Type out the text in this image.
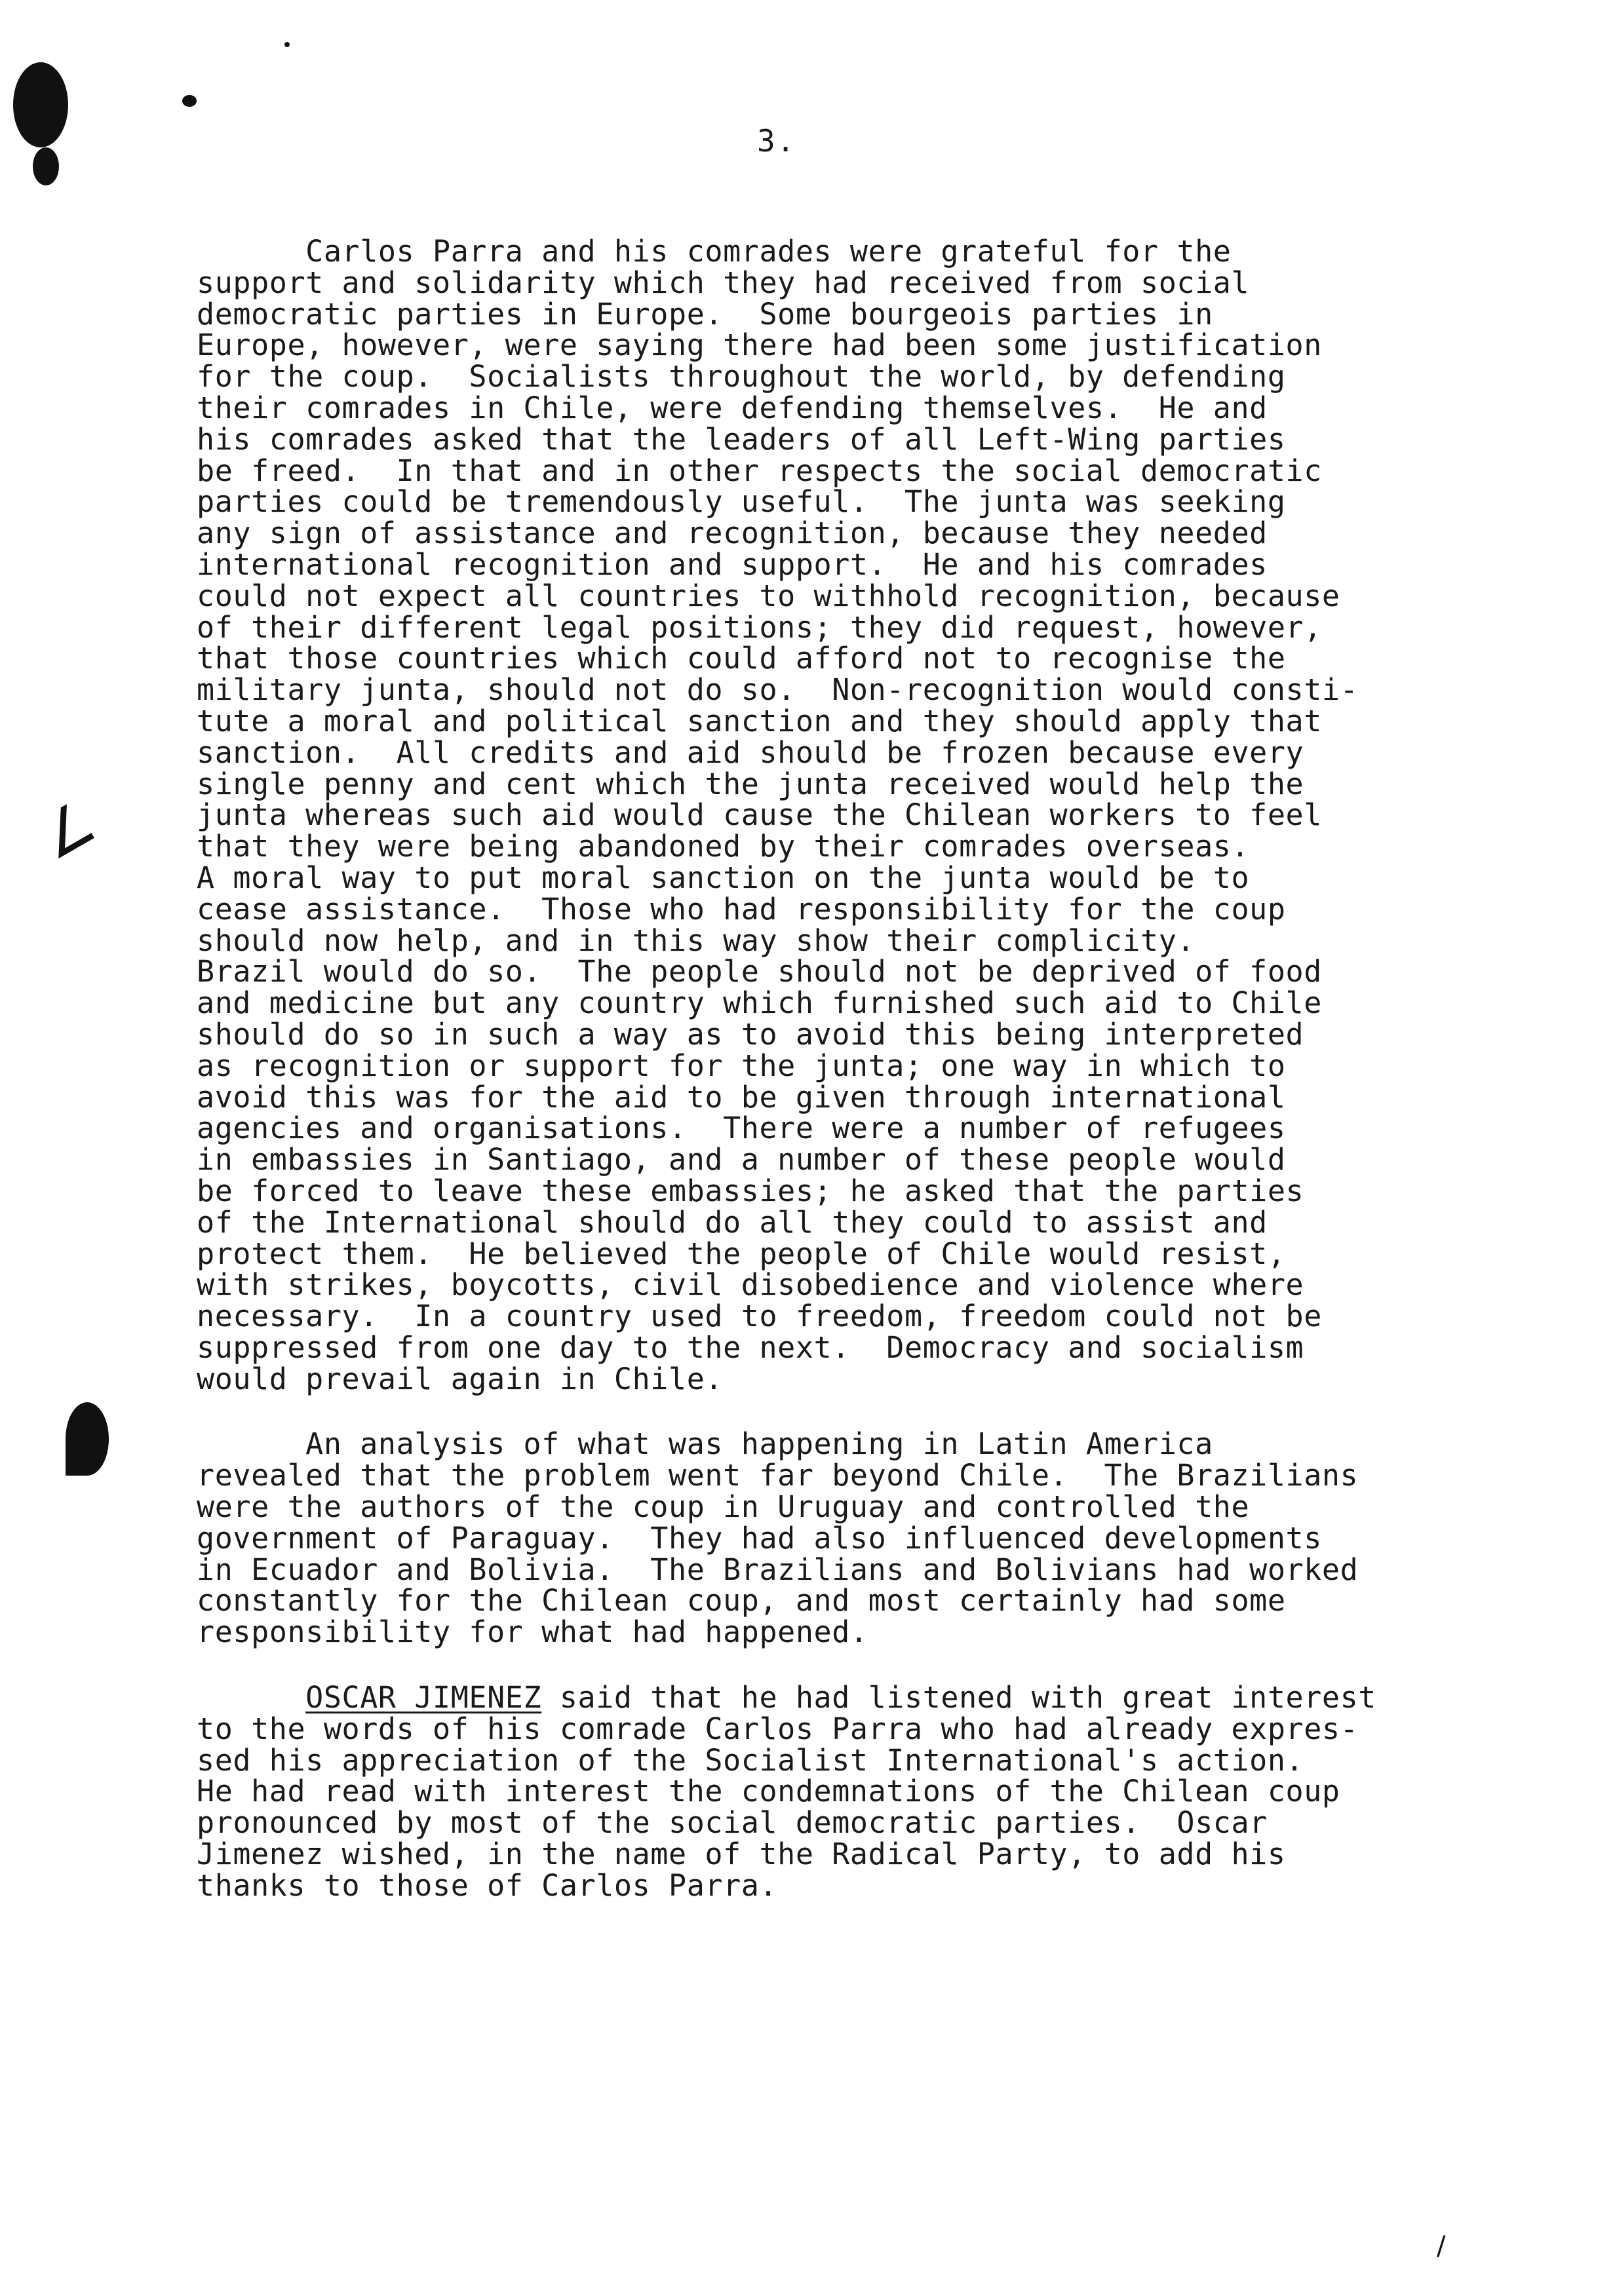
∠
/
3.

Carlos Parra and his comrades were grateful for the
support and solidarity which they had received from social
democratic parties in Europe.  Some bourgeois parties in
Europe, however, were saying there had been some justification
for the coup.  Socialists throughout the world, by defending
their comrades in Chile, were defending themselves.  He and
his comrades asked that the leaders of all Left-Wing parties
be freed.  In that and in other respects the social democratic
parties could be tremendously useful.  The junta was seeking
any sign of assistance and recognition, because they needed
international recognition and support.  He and his comrades
could not expect all countries to withhold recognition, because
of their different legal positions; they did request, however,
that those countries which could afford not to recognise the
military junta, should not do so.  Non-recognition would consti-
tute a moral and political sanction and they should apply that
sanction.  All credits and aid should be frozen because every
single penny and cent which the junta received would help the
junta whereas such aid would cause the Chilean workers to feel
that they were being abandoned by their comrades overseas.
A moral way to put moral sanction on the junta would be to
cease assistance.  Those who had responsibility for the coup
should now help, and in this way show their complicity.
Brazil would do so.  The people should not be deprived of food
and medicine but any country which furnished such aid to Chile
should do so in such a way as to avoid this being interpreted
as recognition or support for the junta; one way in which to
avoid this was for the aid to be given through international
agencies and organisations.  There were a number of refugees
in embassies in Santiago, and a number of these people would
be forced to leave these embassies; he asked that the parties
of the International should do all they could to assist and
protect them.  He believed the people of Chile would resist,
with strikes, boycotts, civil disobedience and violence where
necessary.  In a country used to freedom, freedom could not be
suppressed from one day to the next.  Democracy and socialism
would prevail again in Chile.

An analysis of what was happening in Latin America
revealed that the problem went far beyond Chile.  The Brazilians
were the authors of the coup in Uruguay and controlled the
government of Paraguay.  They had also influenced developments
in Ecuador and Bolivia.  The Brazilians and Bolivians had worked
constantly for the Chilean coup, and most certainly had some
responsibility for what had happened.

OSCAR JIMENEZ said that he had listened with great interest
to the words of his comrade Carlos Parra who had already expres-
sed his appreciation of the Socialist International's action.
He had read with interest the condemnations of the Chilean coup
pronounced by most of the social democratic parties.  Oscar
Jimenez wished, in the name of the Radical Party, to add his
thanks to those of Carlos Parra.
